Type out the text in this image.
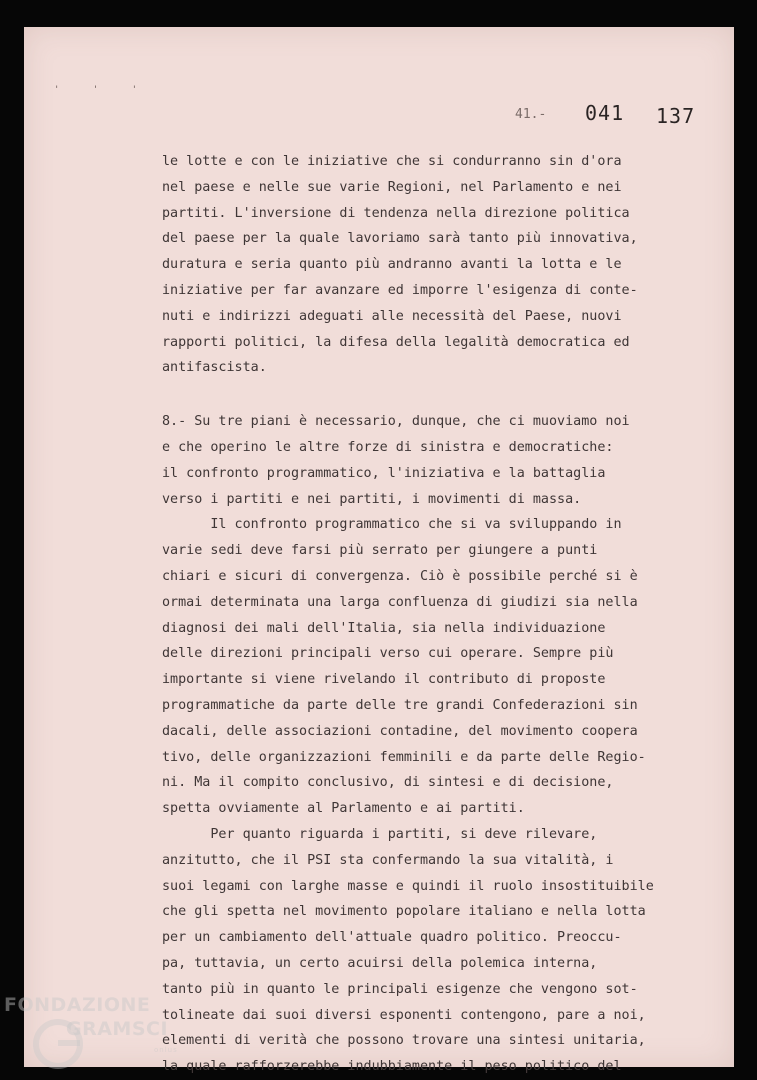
' ' '
41.- 041 137
le lotte e con le iniziative che si condurranno sin d'ora
nel paese e nelle sue varie Regioni, nel Parlamento e nei
partiti. L'inversione di tendenza nella direzione politica
del paese per la quale lavoriamo sarà tanto più innovativa,
duratura e seria quanto più andranno avanti la lotta e le
iniziative per far avanzare ed imporre l'esigenza di conte-
nuti e indirizzi adeguati alle necessità del Paese, nuovi
rapporti politici, la difesa della legalità democratica ed
antifascista.
8.- Su tre piani è necessario, dunque, che ci muoviamo noi
e che operino le altre forze di sinistra e democratiche:
il confronto programmatico, l'iniziativa e la battaglia
verso i partiti e nei partiti, i movimenti di massa.
Il confronto programmatico che si va sviluppando in
varie sedi deve farsi più serrato per giungere a punti
chiari e sicuri di convergenza. Ciò è possibile perché si è
ormai determinata una larga confluenza di giudizi sia nella
diagnosi dei mali dell'Italia, sia nella individuazione
delle direzioni principali verso cui operare. Sempre più
importante si viene rivelando il contributo di proposte
programmatiche da parte delle tre grandi Confederazioni sin
dacali, delle associazioni contadine, del movimento coopera
tivo, delle organizzazioni femminili e da parte delle Regio-
ni. Ma il compito conclusivo, di sintesi e di decisione,
spetta ovviamente al Parlamento e ai partiti.
Per quanto riguarda i partiti, si deve rilevare,
anzitutto, che il PSI sta confermando la sua vitalità, i
suoi legami con larghe masse e quindi il ruolo insostituibile
che gli spetta nel movimento popolare italiano e nella lotta
per un cambiamento dell'attuale quadro politico. Preoccu-
pa, tuttavia, un certo acuirsi della polemica interna,
tanto più in quanto le principali esigenze che vengono sot-
tolineate dai suoi diversi esponenti contengono, pare a noi,
elementi di verità che possono trovare una sintesi unitaria,
la quale rafforzerebbe indubbiamente il peso politico del
FONDAZIONE
GRAMSCI
onlus
